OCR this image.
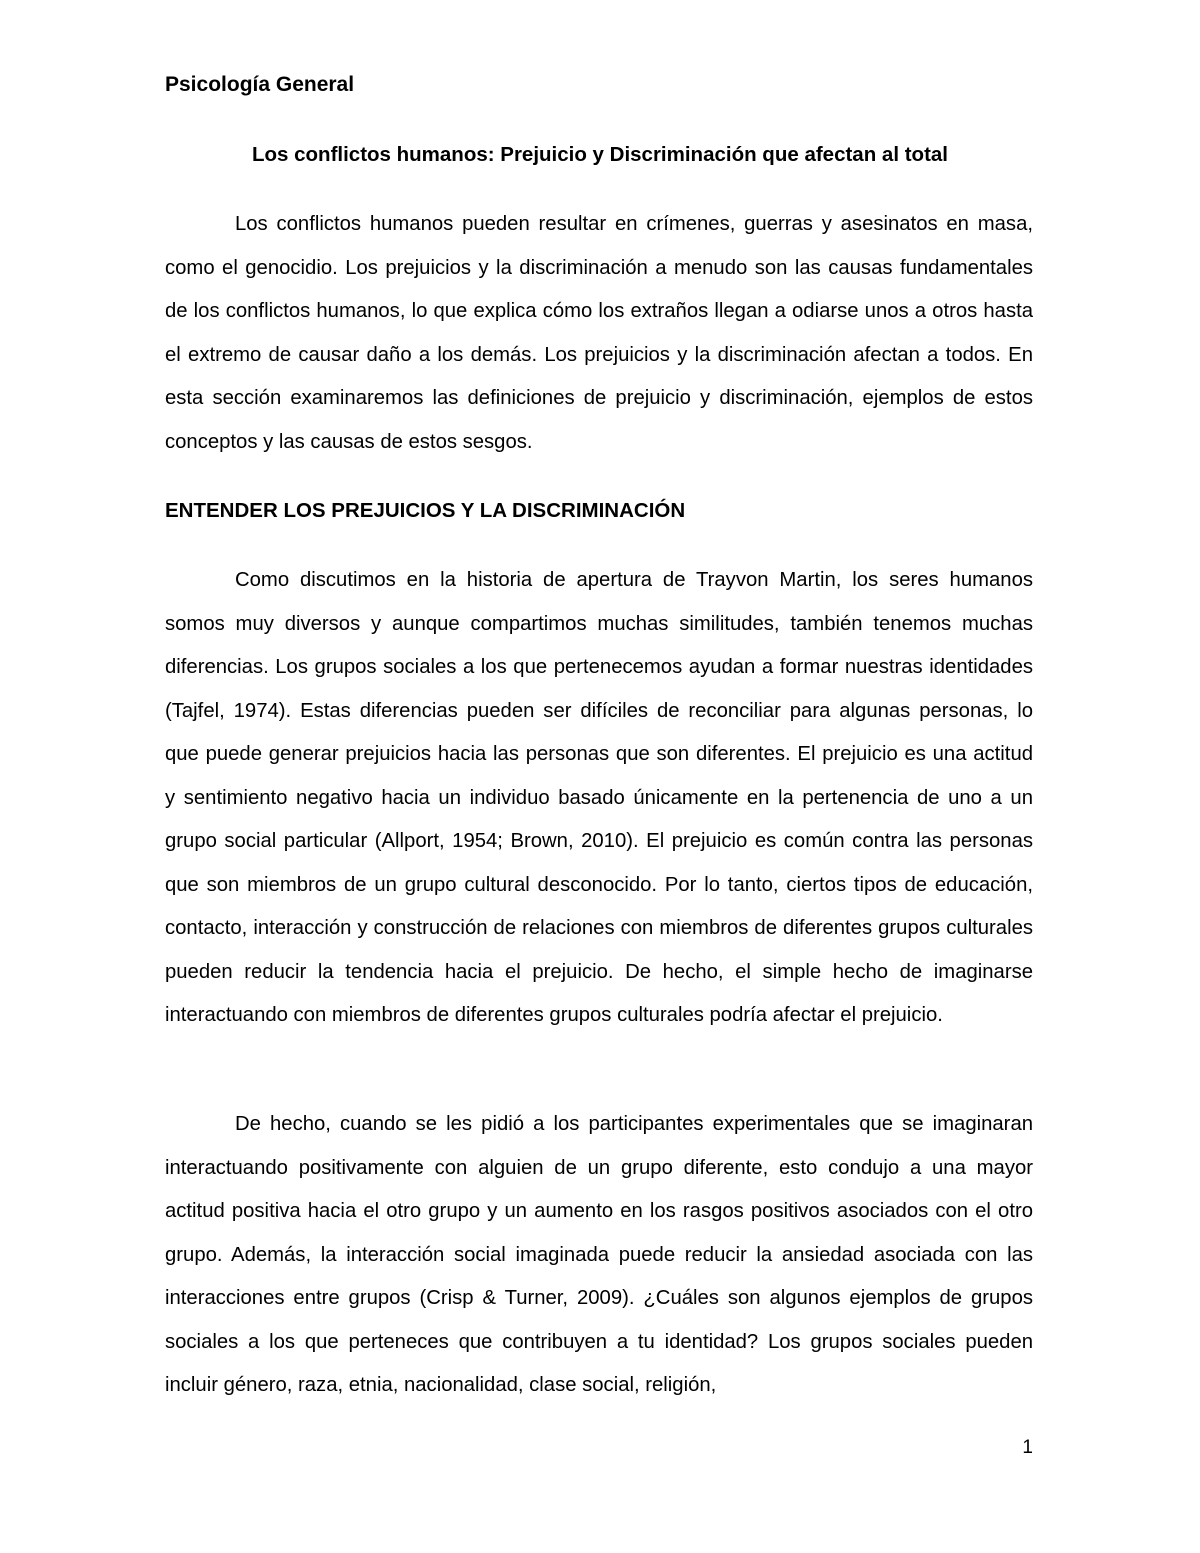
Psicología General
Los conflictos humanos: Prejuicio y Discriminación que afectan al total

Los conflictos humanos pueden resultar en crímenes, guerras y asesinatos en masa, como el genocidio. Los prejuicios y la discriminación a menudo son las causas fundamentales de los conflictos humanos, lo que explica cómo los extraños llegan a odiarse unos a otros hasta el extremo de causar daño a los demás. Los prejuicios y la discriminación afectan a todos. En esta sección examinaremos las definiciones de prejuicio y discriminación, ejemplos de estos conceptos y las causas de estos sesgos.

ENTENDER LOS PREJUICIOS Y LA DISCRIMINACIÓN

Como discutimos en la historia de apertura de Trayvon Martin, los seres humanos somos muy diversos y aunque compartimos muchas similitudes, también tenemos muchas diferencias. Los grupos sociales a los que pertenecemos ayudan a formar nuestras identidades (Tajfel, 1974). Estas diferencias pueden ser difíciles de reconciliar para algunas personas, lo que puede generar prejuicios hacia las personas que son diferentes. El prejuicio es una actitud y sentimiento negativo hacia un individuo basado únicamente en la pertenencia de uno a un grupo social particular (Allport, 1954; Brown, 2010). El prejuicio es común contra las personas que son miembros de un grupo cultural desconocido. Por lo tanto, ciertos tipos de educación, contacto, interacción y construcción de relaciones con miembros de diferentes grupos culturales pueden reducir la tendencia hacia el prejuicio. De hecho, el simple hecho de imaginarse interactuando con miembros de diferentes grupos culturales podría afectar el prejuicio.

De hecho, cuando se les pidió a los participantes experimentales que se imaginaran interactuando positivamente con alguien de un grupo diferente, esto condujo a una mayor actitud positiva hacia el otro grupo y un aumento en los rasgos positivos asociados con el otro grupo. Además, la interacción social imaginada puede reducir la ansiedad asociada con las interacciones entre grupos (Crisp & Turner, 2009). ¿Cuáles son algunos ejemplos de grupos sociales a los que perteneces que contribuyen a tu identidad? Los grupos sociales pueden incluir género, raza, etnia, nacionalidad, clase social, religión,

1
